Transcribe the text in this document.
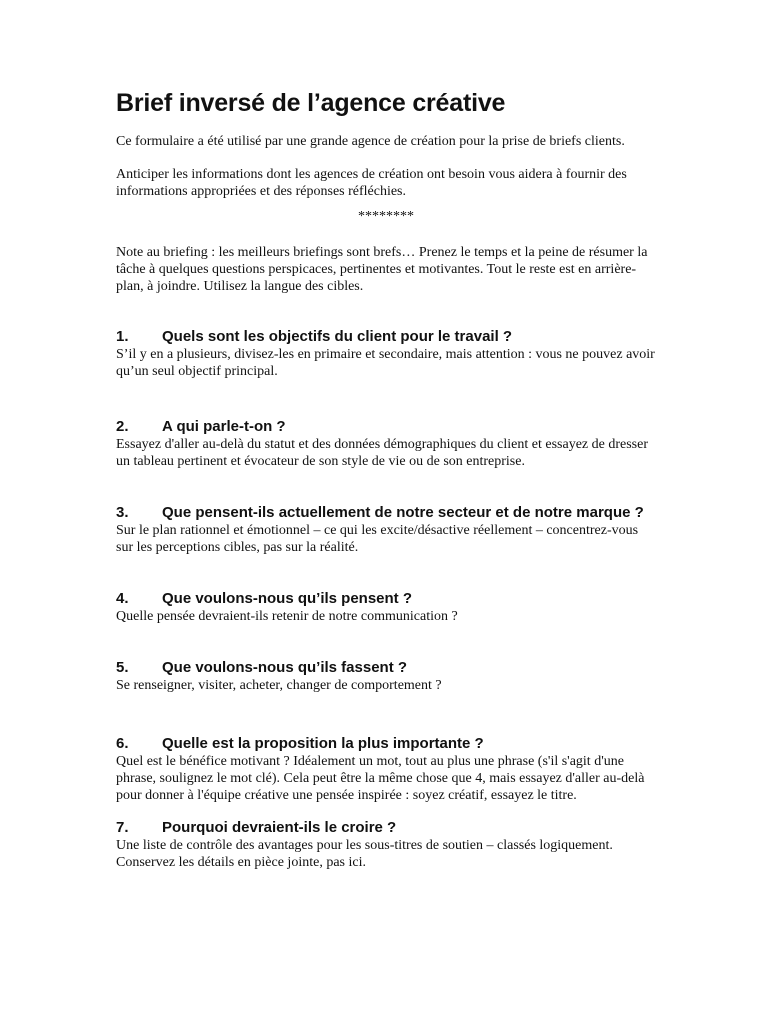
Brief inversé de l’agence créative

Ce formulaire a été utilisé par une grande agence de création pour la prise de briefs clients.

Anticiper les informations dont les agences de création ont besoin vous aidera à fournir des informations appropriées et des réponses réfléchies.

********

Note au briefing : les meilleurs briefings sont brefs… Prenez le temps et la peine de résumer la tâche à quelques questions perspicaces, pertinentes et motivantes. Tout le reste est en arrière-plan, à joindre. Utilisez la langue des cibles.

1.	Quels sont les objectifs du client pour le travail ?

S’il y en a plusieurs, divisez-les en primaire et secondaire, mais attention : vous ne pouvez avoir qu’un seul objectif principal.

2.	A qui parle-t-on ?

Essayez d'aller au-delà du statut et des données démographiques du client et essayez de dresser un tableau pertinent et évocateur de son style de vie ou de son entreprise.

3.	Que pensent-ils actuellement de notre secteur et de notre marque ?

Sur le plan rationnel et émotionnel – ce qui les excite/désactive réellement – concentrez-vous sur les perceptions cibles, pas sur la réalité.

4.	Que voulons-nous qu’ils pensent ?

Quelle pensée devraient-ils retenir de notre communication ?

5.	Que voulons-nous qu’ils fassent ?

Se renseigner, visiter, acheter, changer de comportement ?

6.	Quelle est la proposition la plus importante ?

Quel est le bénéfice motivant ? Idéalement un mot, tout au plus une phrase (s'il s'agit d'une phrase, soulignez le mot clé). Cela peut être la même chose que 4, mais essayez d'aller au-delà pour donner à l'équipe créative une pensée inspirée : soyez créatif, essayez le titre.

7.	Pourquoi devraient-ils le croire ?

Une liste de contrôle des avantages pour les sous-titres de soutien – classés logiquement. Conservez les détails en pièce jointe, pas ici.
